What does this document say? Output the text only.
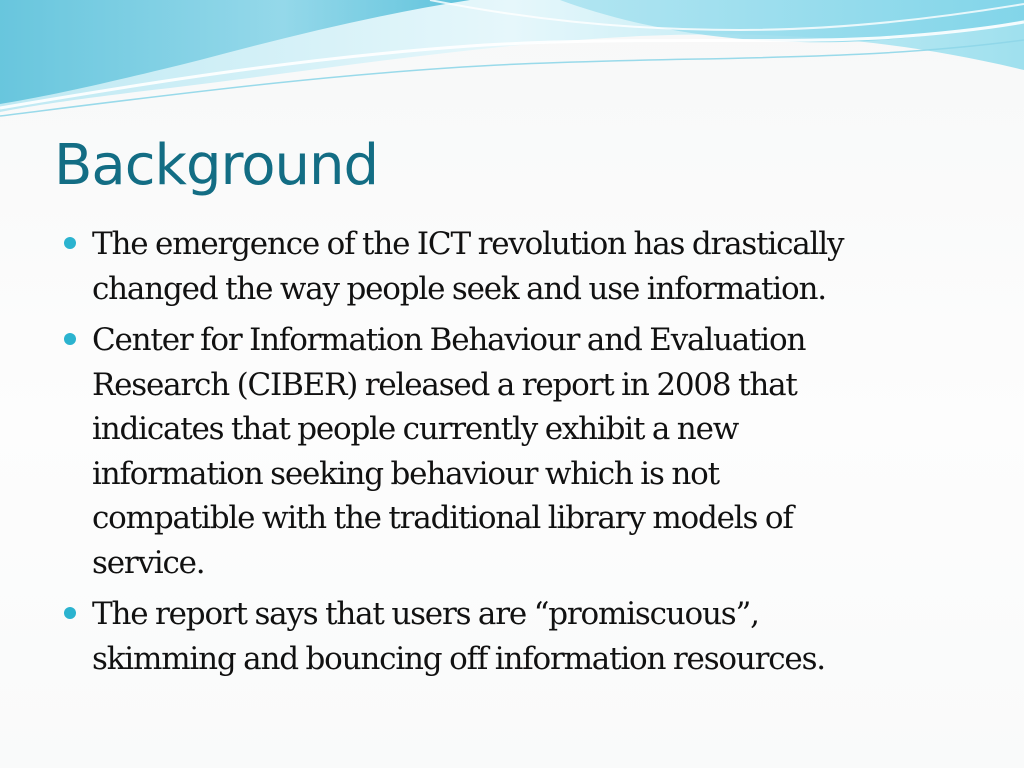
Background
The emergence of the ICT revolution has drastically
changed the way people seek and use information.
Center for Information Behaviour and Evaluation
Research (CIBER) released a report in 2008 that
indicates that people currently exhibit a new
information seeking behaviour which is not
compatible with the traditional library models of
service.
The report says that users are “promiscuous”,
skimming and bouncing off information resources.
